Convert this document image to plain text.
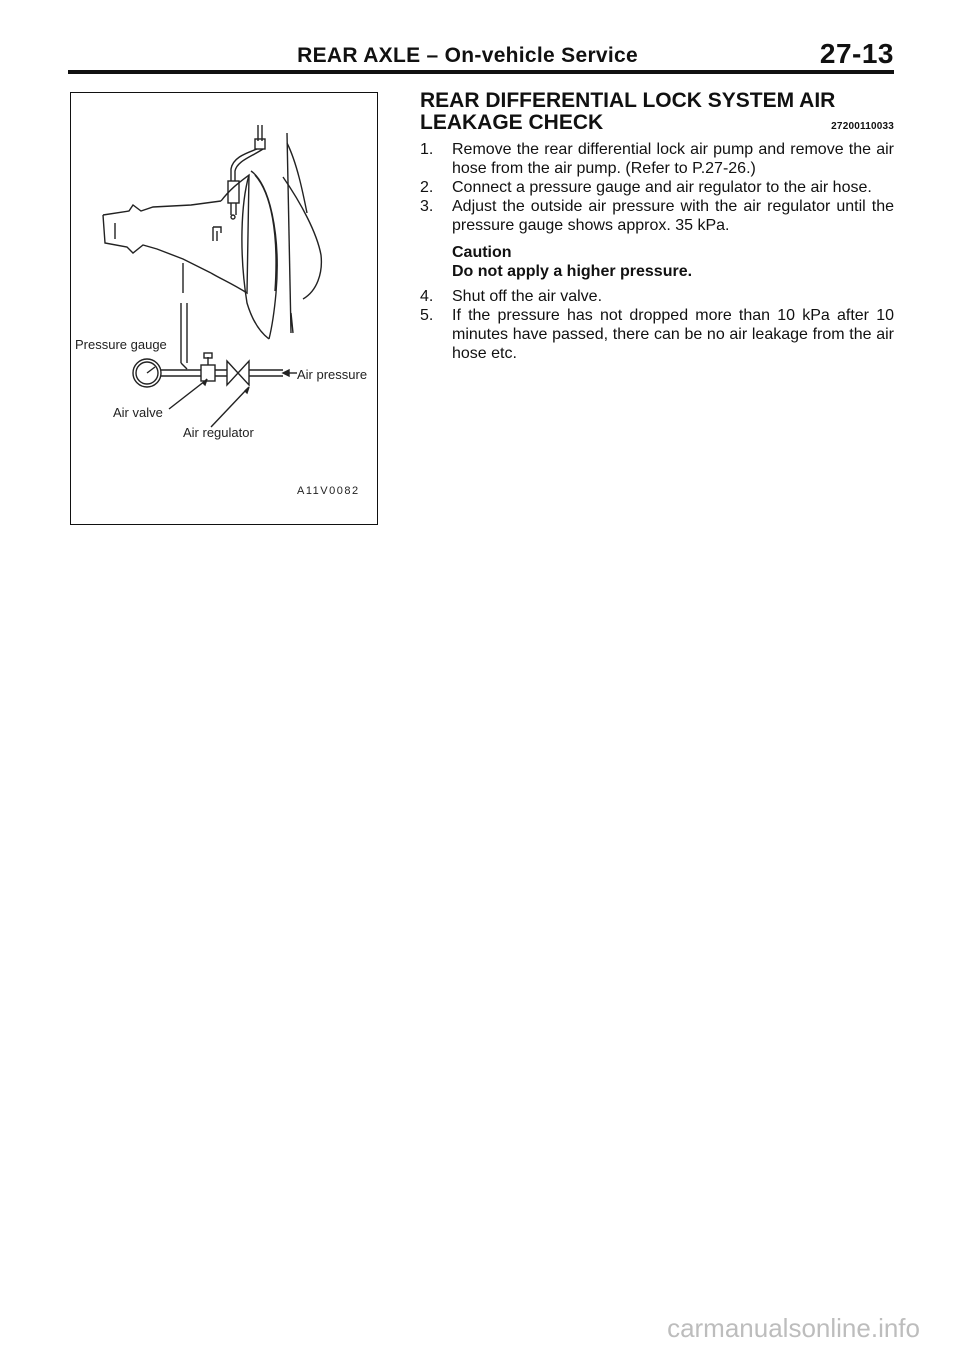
REAR AXLE – On-vehicle Service	27-13
Pressure gauge
Air pressure
Air valve
Air regulator
A11V0082
REAR DIFFERENTIAL LOCK SYSTEM AIR
LEAKAGE CHECK	27200110033
1. Remove the rear differential lock air pump and remove the air hose from the air pump. (Refer to P.27-26.)
2. Connect a pressure gauge and air regulator to the air hose.
3. Adjust the outside air pressure with the air regulator until the pressure gauge shows approx. 35 kPa.
Caution
Do not apply a higher pressure.
4. Shut off the air valve.
5. If the pressure has not dropped more than 10 kPa after 10 minutes have passed, there can be no air leakage from the air hose etc.
carmanualsonline.info
